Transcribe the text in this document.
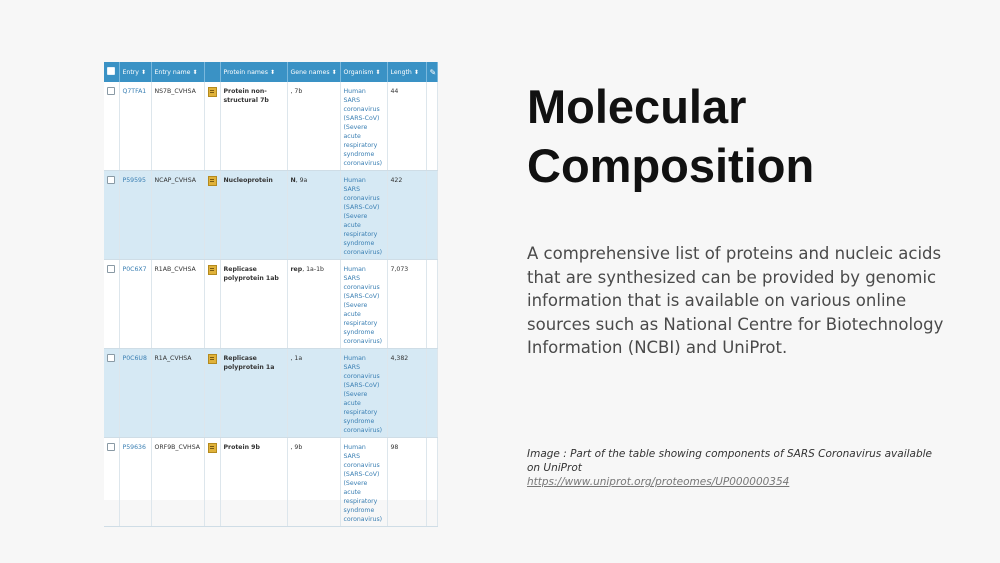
	Entry ⬍	Entry name ⬍		Protein names ⬍	Gene names ⬍	Organism ⬍	Length ⬍	✎
	Q7TFA1	NS7B_CVHSA		Protein non-structural 7b	, 7b	Human SARS coronavirus (SARS-CoV) (Severe acute respiratory syndrome coronavirus)	44	
	P59595	NCAP_CVHSA		Nucleoprotein	N, 9a	Human SARS coronavirus (SARS-CoV) (Severe acute respiratory syndrome coronavirus)	422	
	P0C6X7	R1AB_CVHSA		Replicase polyprotein 1ab	rep, 1a-1b	Human SARS coronavirus (SARS-CoV) (Severe acute respiratory syndrome coronavirus)	7,073	
	P0C6U8	R1A_CVHSA		Replicase polyprotein 1a	, 1a	Human SARS coronavirus (SARS-CoV) (Severe acute respiratory syndrome coronavirus)	4,382	
	P59636	ORF9B_CVHSA		Protein 9b	, 9b	Human SARS coronavirus (SARS-CoV) (Severe acute respiratory syndrome coronavirus)	98	
Molecular
Composition

A comprehensive list of proteins and nucleic acids that are synthesized can be provided by genomic information that is available on various online sources such as National Centre for Biotechnology Information (NCBI) and UniProt.

Image : Part of the table showing components of SARS Coronavirus available on UniProt

https://www.uniprot.org/proteomes/UP000000354
